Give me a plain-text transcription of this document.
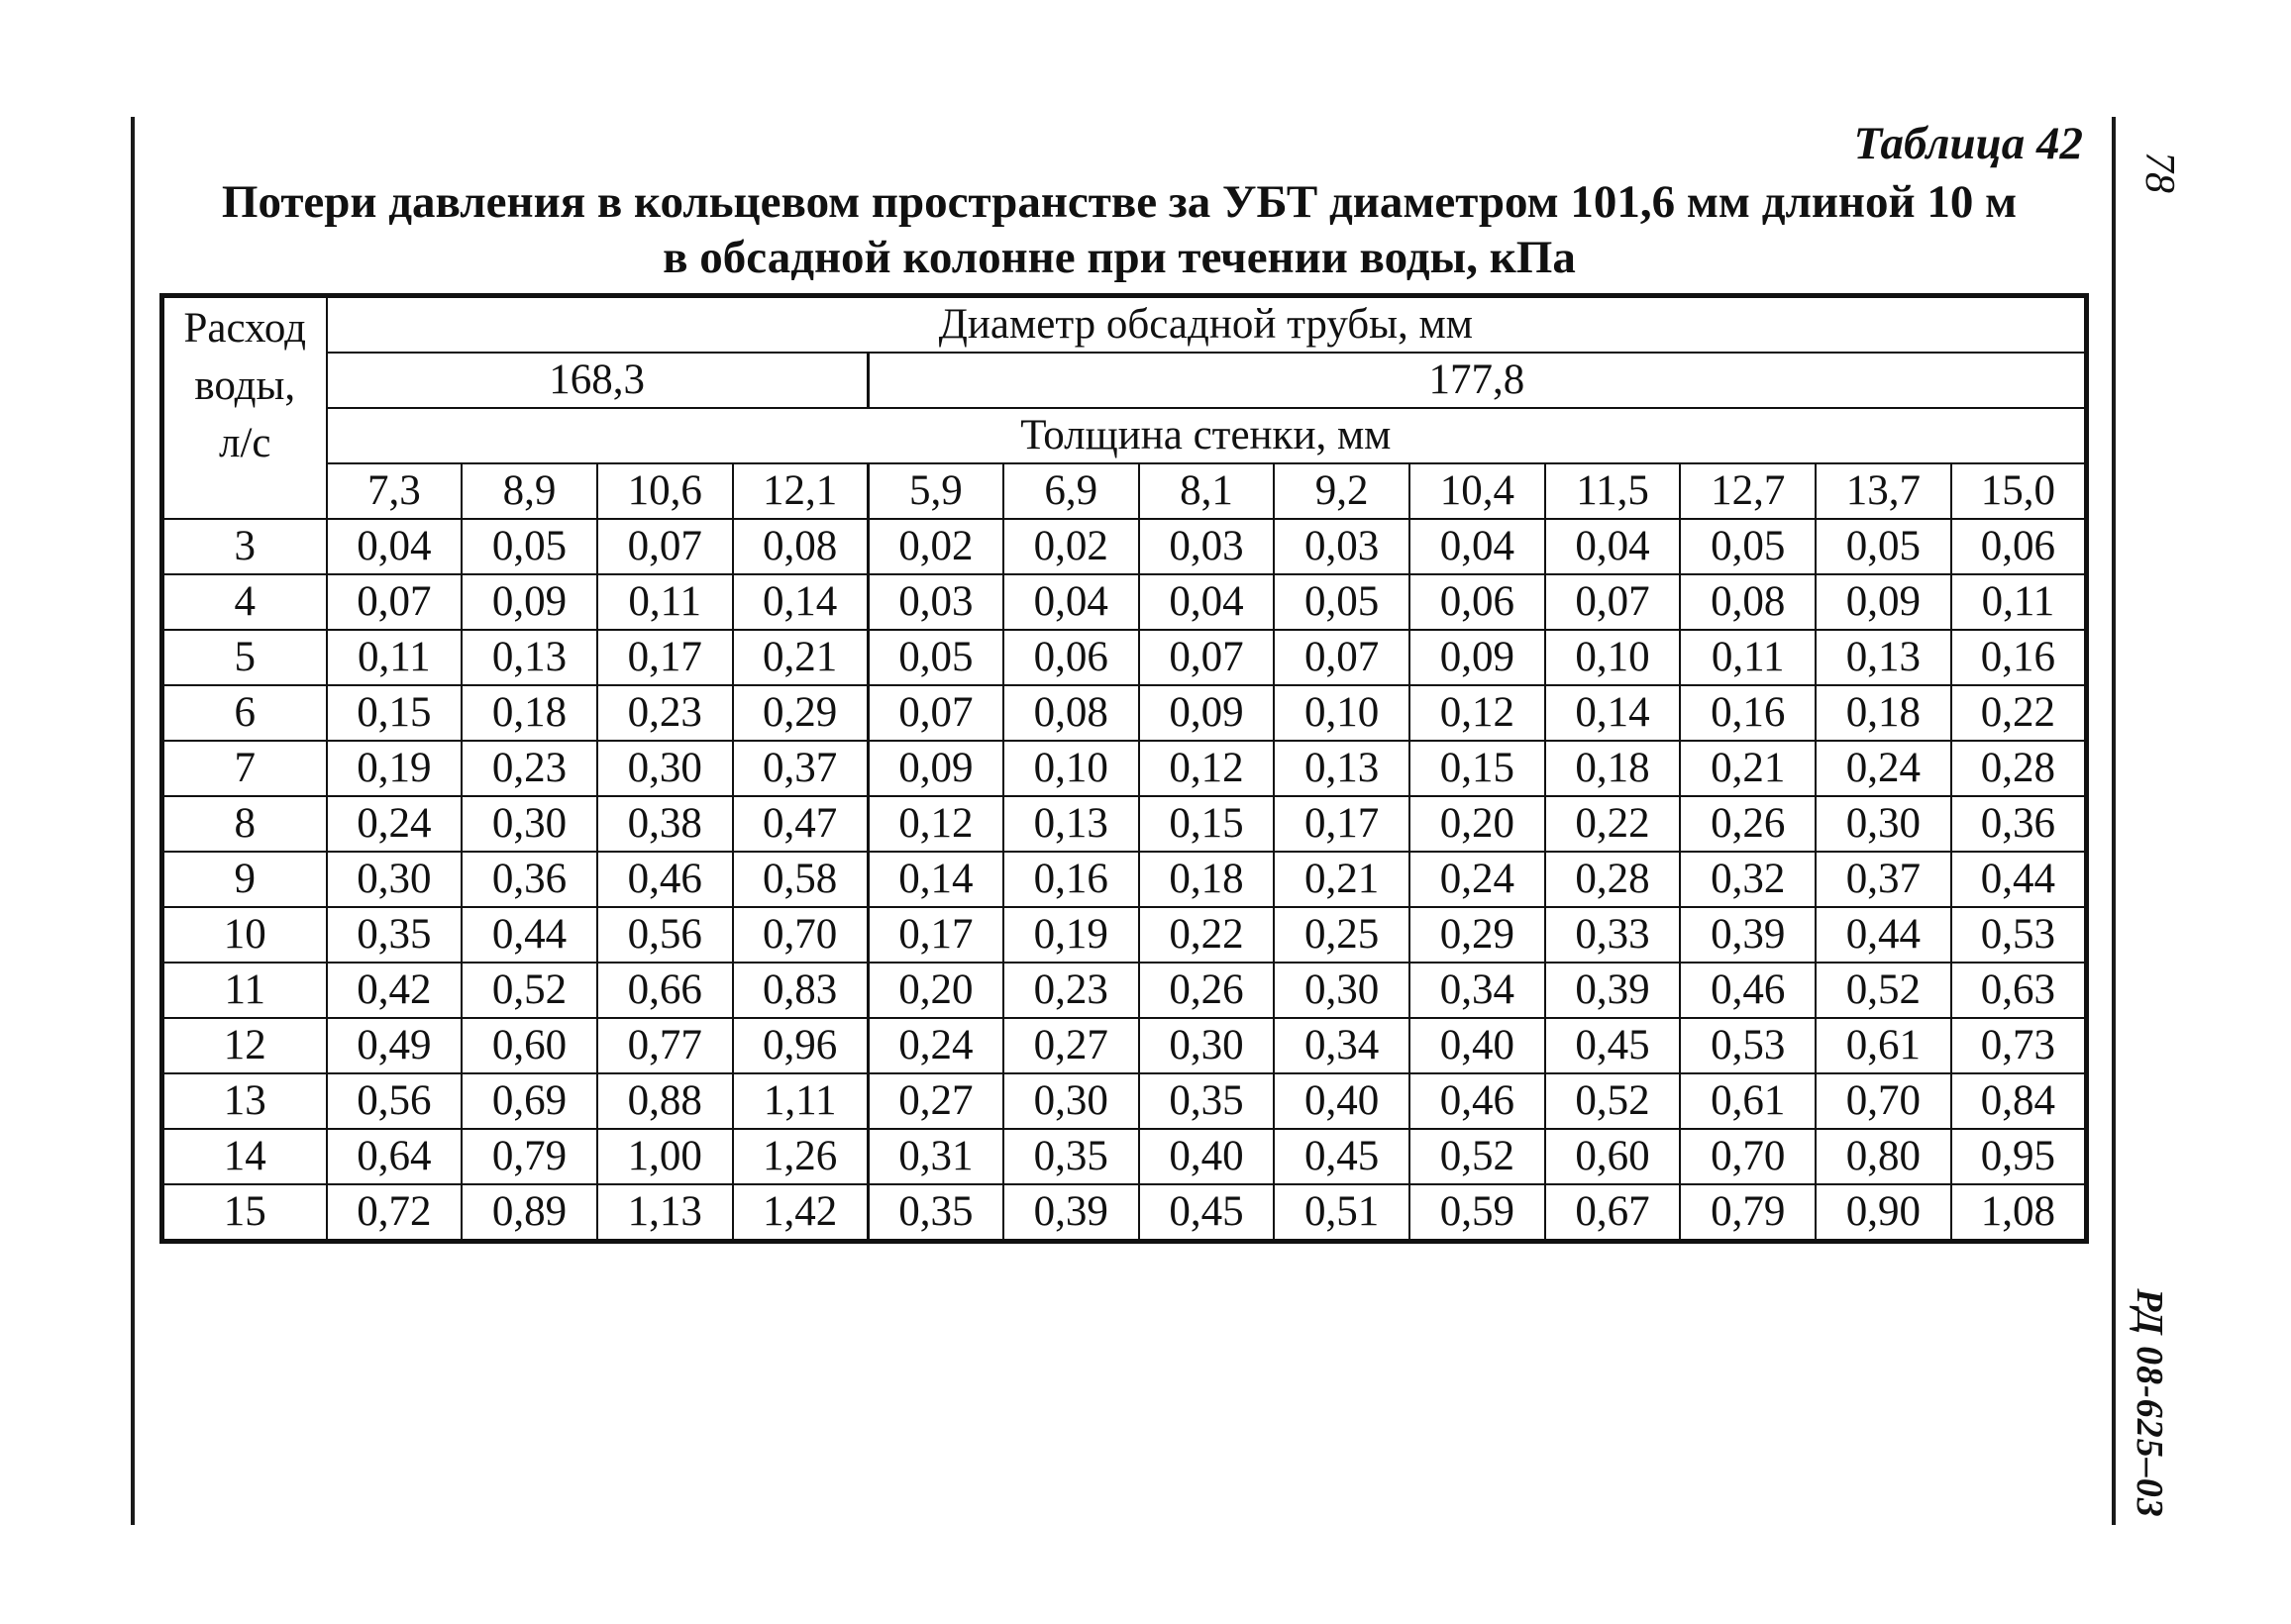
78
РД 08-625–03
Таблица 42
Потери давления в кольцевом пространстве за УБТ диаметром 101,6 мм длиной 10 м
в обсадной колонне при течении воды, кПа
Расход
воды,
л/с	Диаметр обсадной трубы, мм												
	168,3				177,8								
	Толщина стенки, мм												
	7,3	8,9	10,6	12,1	5,9	6,9	8,1	9,2	10,4	11,5	12,7	13,7	15,0
3	0,04	0,05	0,07	0,08	0,02	0,02	0,03	0,03	0,04	0,04	0,05	0,05	0,06
4	0,07	0,09	0,11	0,14	0,03	0,04	0,04	0,05	0,06	0,07	0,08	0,09	0,11
5	0,11	0,13	0,17	0,21	0,05	0,06	0,07	0,07	0,09	0,10	0,11	0,13	0,16
6	0,15	0,18	0,23	0,29	0,07	0,08	0,09	0,10	0,12	0,14	0,16	0,18	0,22
7	0,19	0,23	0,30	0,37	0,09	0,10	0,12	0,13	0,15	0,18	0,21	0,24	0,28
8	0,24	0,30	0,38	0,47	0,12	0,13	0,15	0,17	0,20	0,22	0,26	0,30	0,36
9	0,30	0,36	0,46	0,58	0,14	0,16	0,18	0,21	0,24	0,28	0,32	0,37	0,44
10	0,35	0,44	0,56	0,70	0,17	0,19	0,22	0,25	0,29	0,33	0,39	0,44	0,53
11	0,42	0,52	0,66	0,83	0,20	0,23	0,26	0,30	0,34	0,39	0,46	0,52	0,63
12	0,49	0,60	0,77	0,96	0,24	0,27	0,30	0,34	0,40	0,45	0,53	0,61	0,73
13	0,56	0,69	0,88	1,11	0,27	0,30	0,35	0,40	0,46	0,52	0,61	0,70	0,84
14	0,64	0,79	1,00	1,26	0,31	0,35	0,40	0,45	0,52	0,60	0,70	0,80	0,95
15	0,72	0,89	1,13	1,42	0,35	0,39	0,45	0,51	0,59	0,67	0,79	0,90	1,08
